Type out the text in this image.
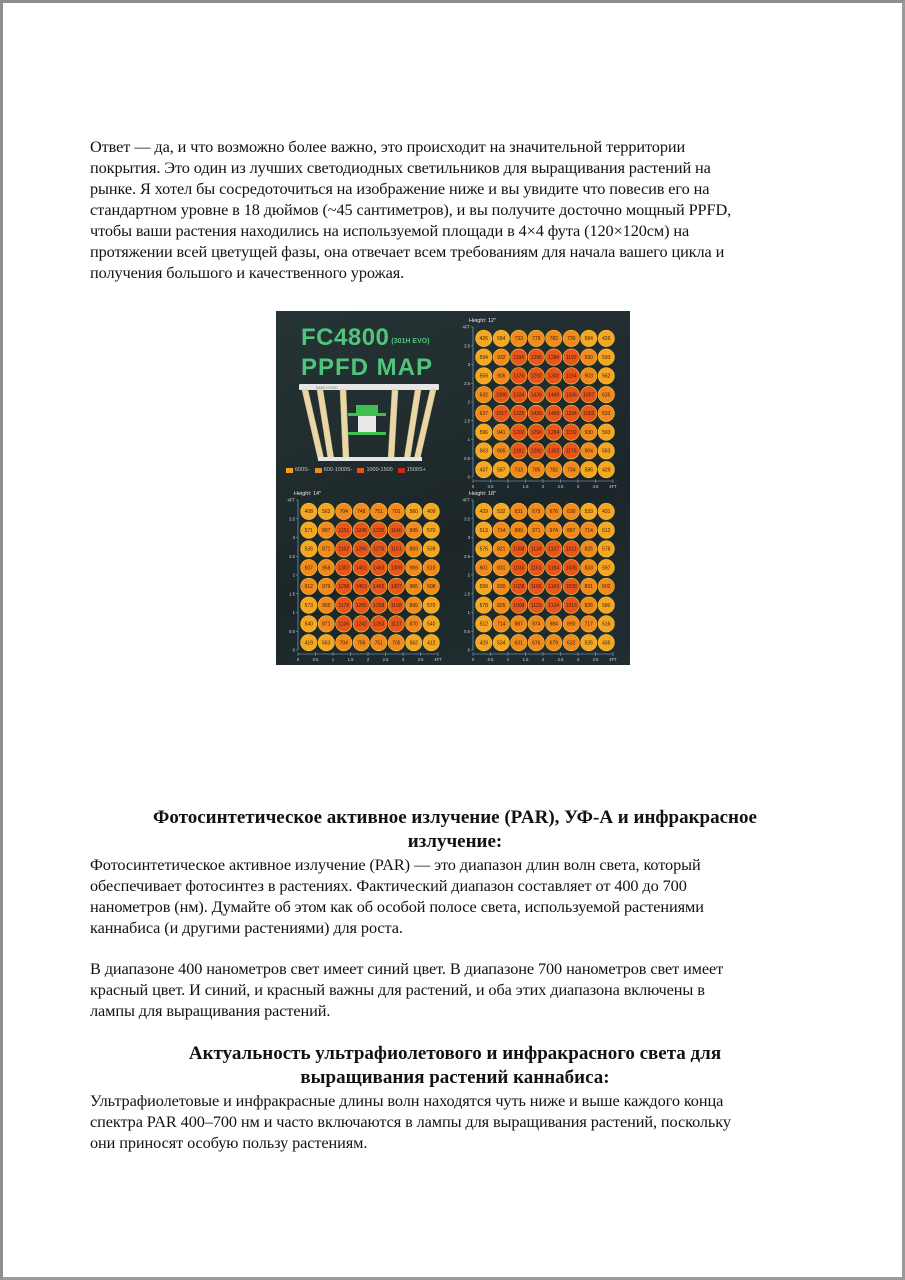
Ответ — да, и что возможно более важно, это происходит на значительной территории
покрытия. Это один из лучших светодиодных светильников для выращивания растений на
рынке. Я хотел бы сосредоточиться на изображение ниже и вы увидите что повесив его на
стандартном уровне в 18 дюймов (~45 сантиметров), и вы получите досточно мощный PPFD,
чтобы ваши растения находились на используемой площади в 4×4 фута (120×120см) на
протяжении всей цветущей фазы, она отвечает всем требованиям для начала вашего цикла и
получения большого и качественного урожая.

FC4800 $^{(301H EVO)}$
PPFD MAP
MARS HYDRO
600S-	600-1000S-	1000-1500	1500S+
Height: 12"
0
0.5
1
1.5
2
2.5
3
3.5
4FT
0	0.5	1	1.5	2	2.5	3	3.5	4FT
426 584 733 779 782 730 584 426
594 932 1196 1295 1284 1192 930 593
559 905 1176 1292 1302 1184 903 562
632 1006 1334 1439 1449 1336 1007 635
637 1017 1325 1439 1450 1334 1003 633
596 941 1202 1290 1284 1192 930 593
563 905 1181 1292 1302 1176 904 563
437 587 733 785 782 734 586 429
Height: 14"
0
0.5
1
1.5
2
2.5
3
3.5
4FT
0	0.5	1	1.5	2	2.5	3	3.5	4FT
408 562 704 748 751 701 560 409
571 897 1151 1245 1235 1146 895 570
536 871 1152 1266 1276 1161 869 539
607 968 1307 1451 1463 1309 969 610
612 979 1299 1453 1465 1307 965 608
573 905 1178 1265 1258 1168 895 570
540 871 1136 1242 1253 1137 870 540
419 563 704 756 751 705 562 412
Height: 18"
0
0.5
1
1.5
2
2.5
3
3.5
4FT
0	0.5	1	1.5	2	2.5	3	3.5	4FT
429 532 631 679 676 630 533 431
513 714 889 971 974 887 714 512
576 821 1008 1134 1137 1011 825 578
601 831 1033 1161 1164 1035 833 597
599 830 1028 1166 1169 1033 831 602
578 825 1008 1129 1134 1013 826 580
512 714 887 974 984 890 717 516
429 534 631 676 679 632 535 435
Фотосинтетическое активное излучение (PAR), УФ-А и инфракрасное
излучение:

Фотосинтетическое активное излучение (PAR) — это диапазон длин волн света, который
обеспечивает фотосинтез в растениях. Фактический диапазон составляет от 400 до 700
нанометров (нм). Думайте об этом как об особой полосе света, используемой растениями
каннабиса (и другими растениями) для роста.

В диапазоне 400 нанометров свет имеет синий цвет. В диапазоне 700 нанометров свет имеет
красный цвет. И синий, и красный важны для растений, и оба этих диапазона включены в
лампы для выращивания растений.

Актуальность ультрафиолетового и инфракрасного света для
выращивания растений каннабиса:

Ультрафиолетовые и инфракрасные длины волн находятся чуть ниже и выше каждого конца
спектра PAR 400–700 нм и часто включаются в лампы для выращивания растений, поскольку
они приносят особую пользу растениям.
